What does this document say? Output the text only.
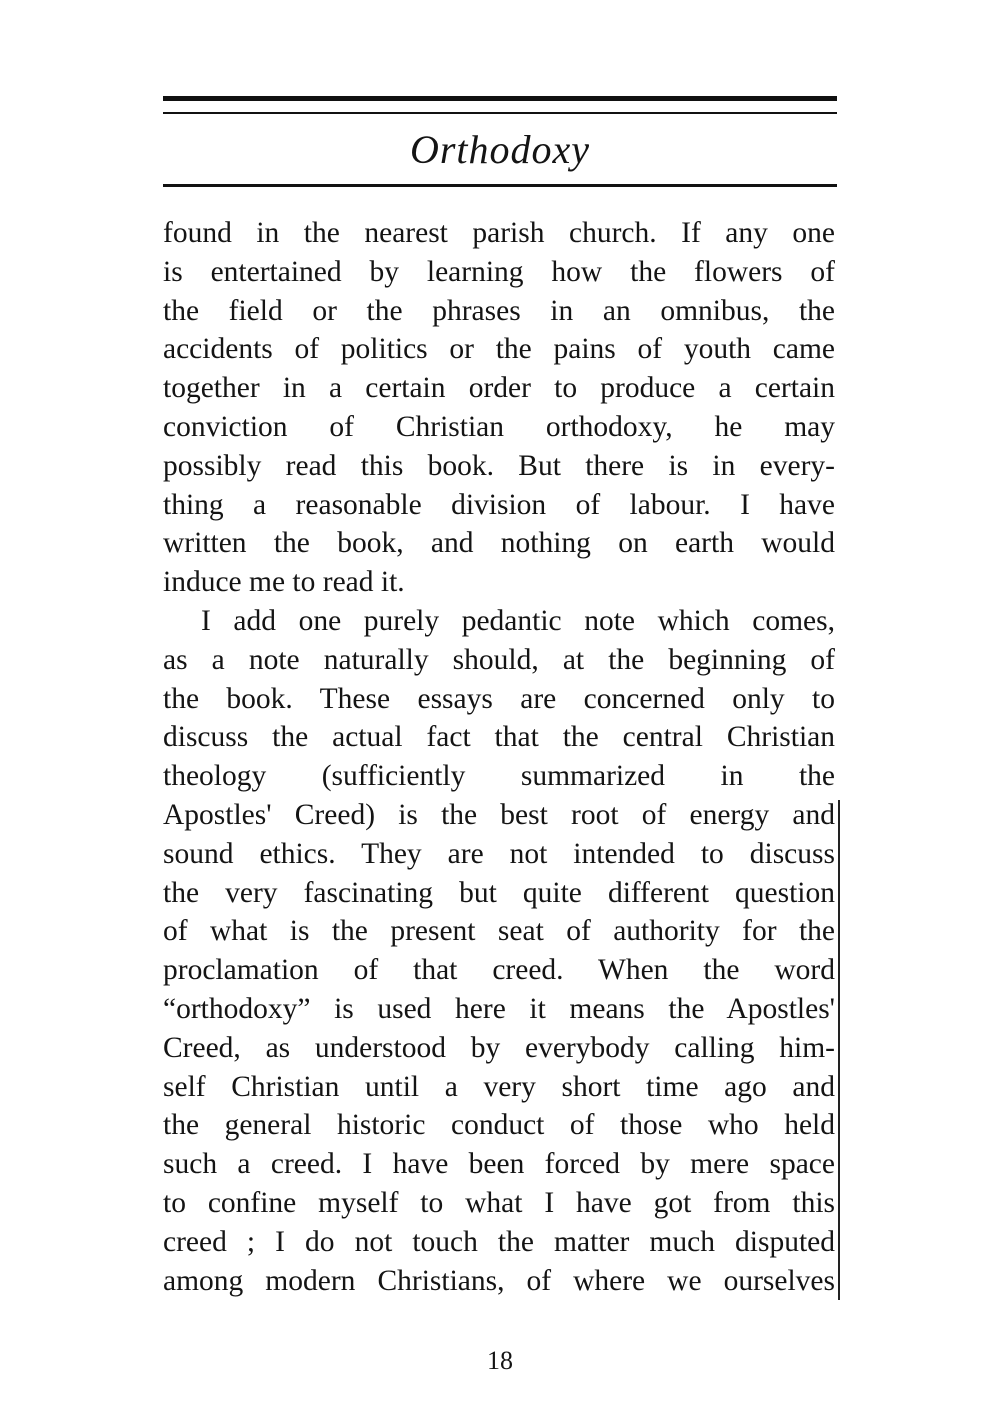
Orthodoxy
found in the nearest parish church. If any one
is entertained by learning how the flowers of
the field or the phrases in an omnibus, the
accidents of politics or the pains of youth came
together in a certain order to produce a certain
conviction of Christian orthodoxy, he may
possibly read this book. But there is in every-
thing a reasonable division of labour. I have
written the book, and nothing on earth would
induce me to read it.
I add one purely pedantic note which comes,
as a note naturally should, at the beginning of
the book. These essays are concerned only to
discuss the actual fact that the central Christian
theology (sufficiently summarized in the
Apostles' Creed) is the best root of energy and
sound ethics. They are not intended to discuss
the very fascinating but quite different question
of what is the present seat of authority for the
proclamation of that creed. When the word
“orthodoxy” is used here it means the Apostles'
Creed, as understood by everybody calling him-
self Christian until a very short time ago and
the general historic conduct of those who held
such a creed. I have been forced by mere space
to confine myself to what I have got from this
creed ; I do not touch the matter much disputed
among modern Christians, of where we ourselves
18
